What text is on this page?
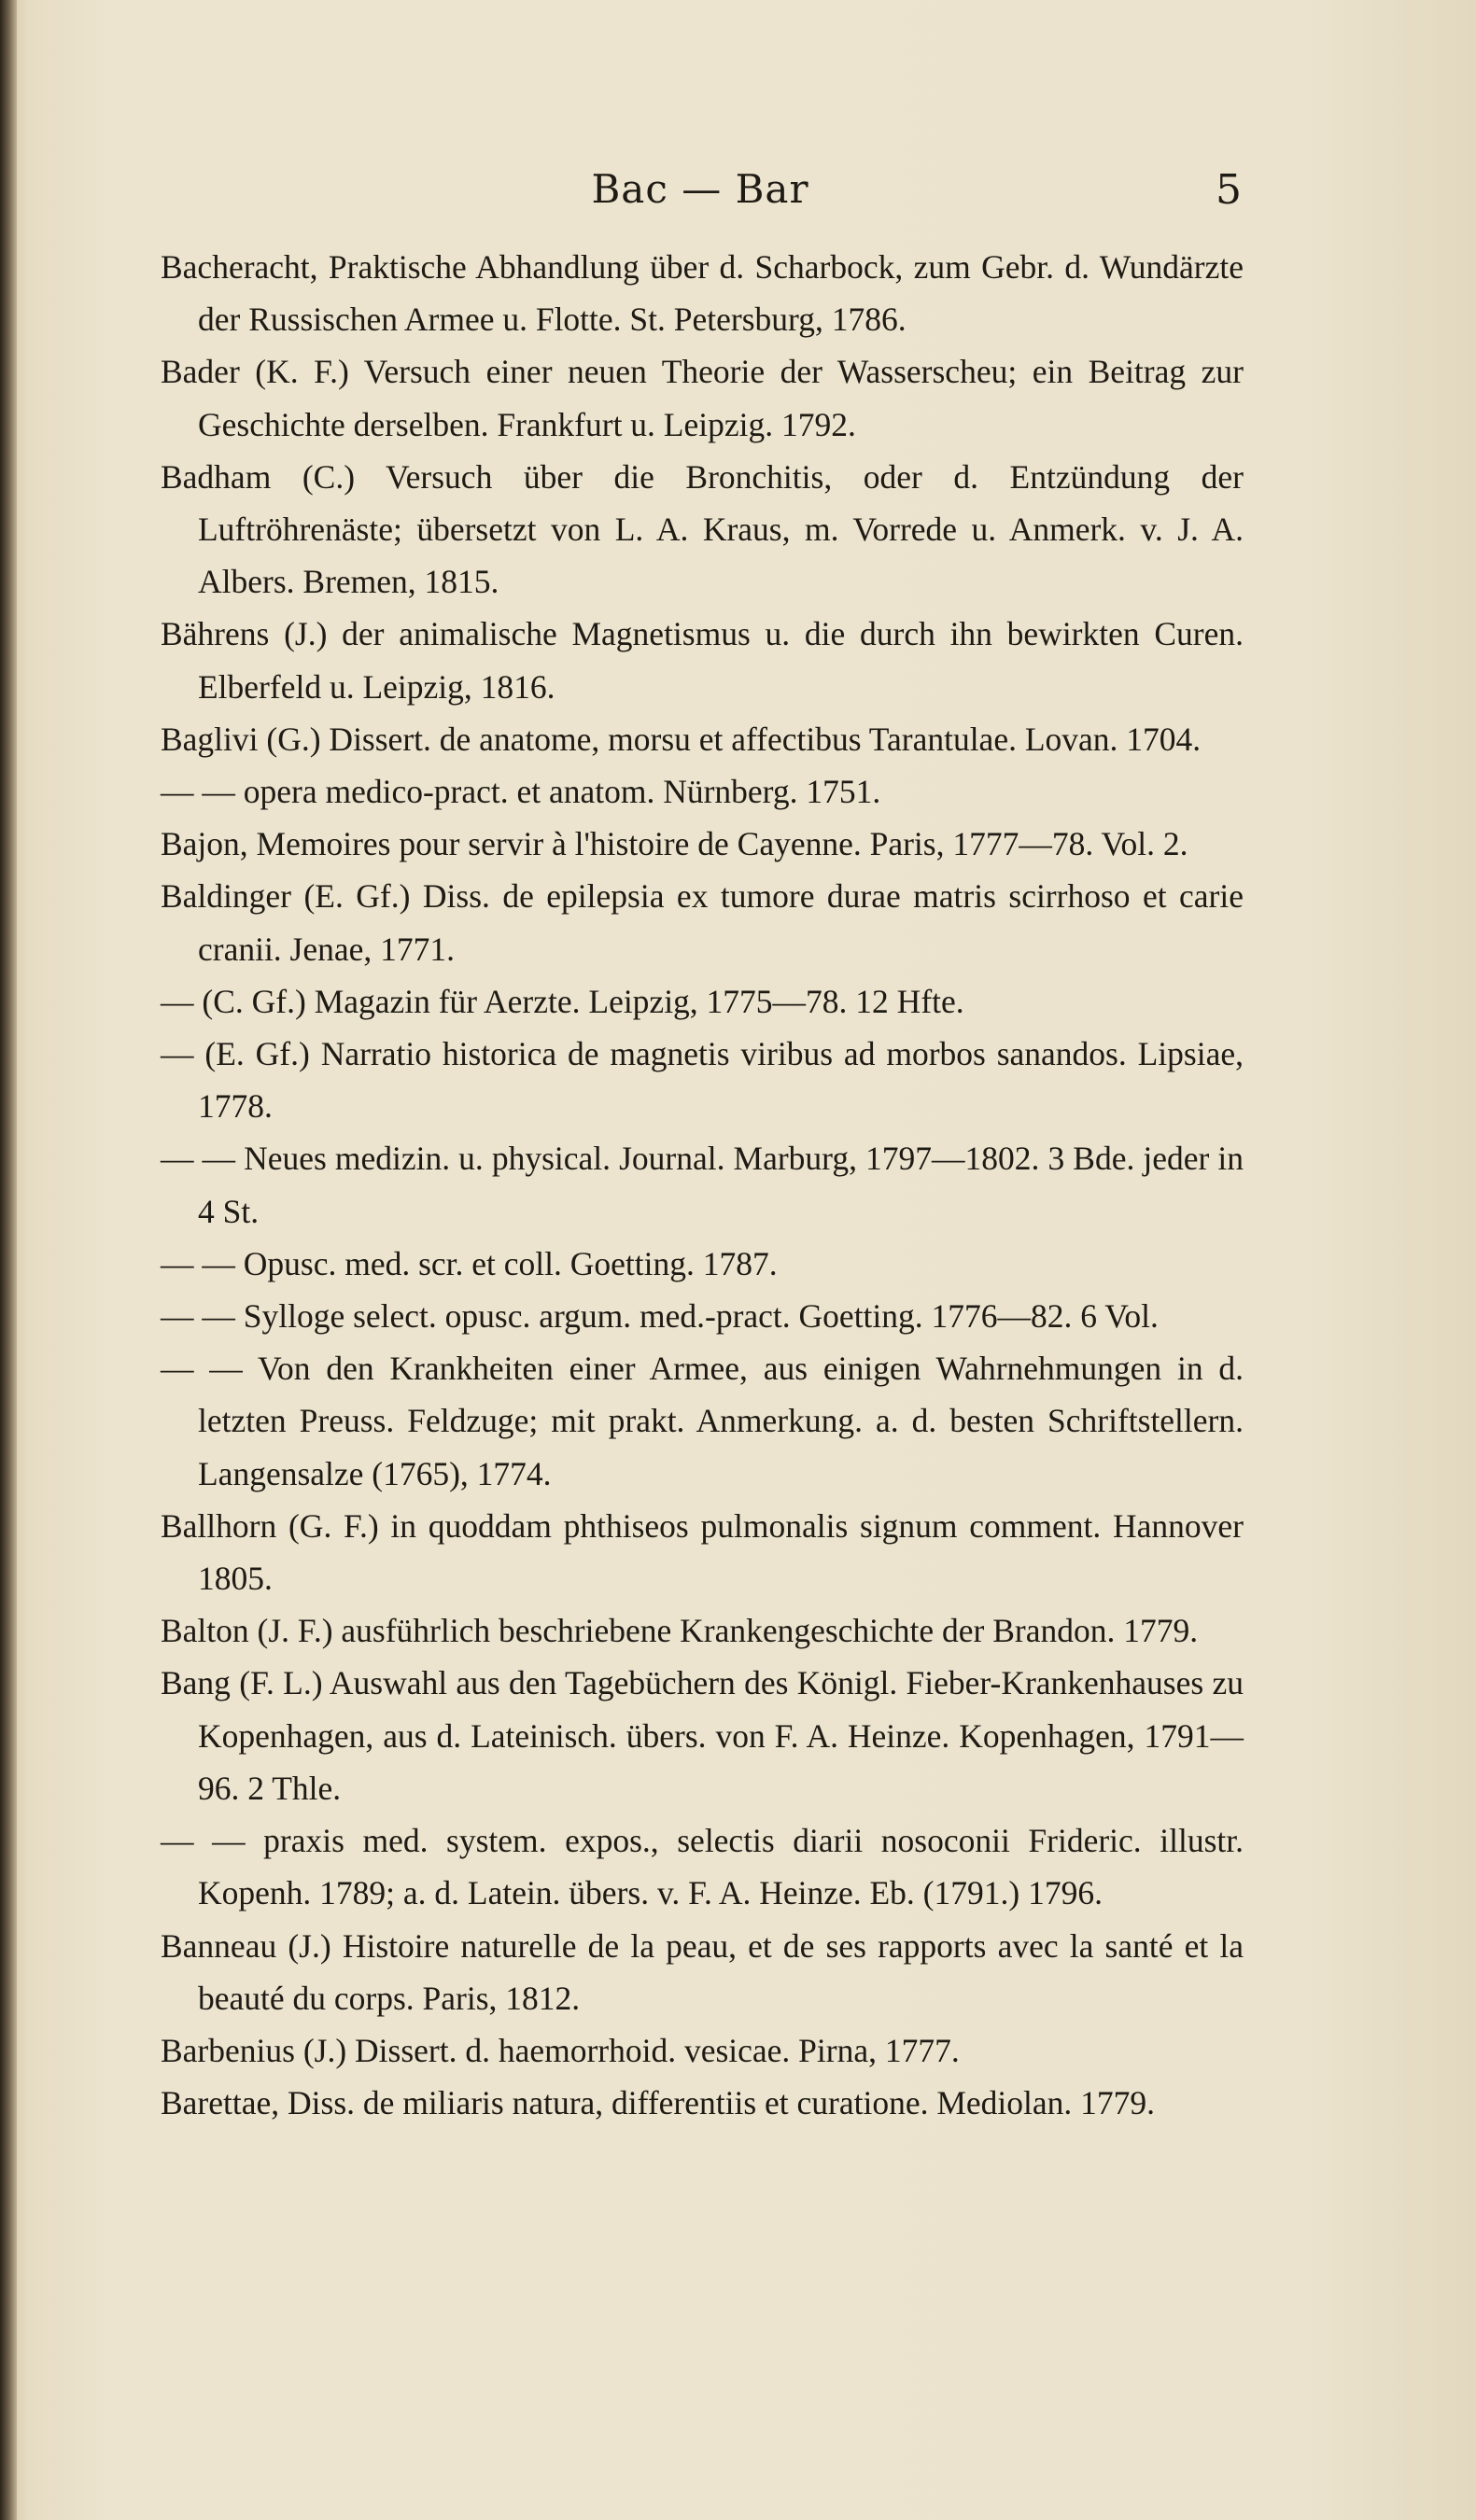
Bac — Bar	5

Bacheracht, Praktische Abhandlung über d. Scharbock, zum Gebr. d. Wundärzte der Russischen Armee u. Flotte. St. Petersburg, 1786.

Bader (K. F.) Versuch einer neuen Theorie der Wasserscheu; ein Beitrag zur Geschichte derselben. Frankfurt u. Leipzig. 1792.

Badham (C.) Versuch über die Bronchitis, oder d. Entzündung der Luftröhrenäste; übersetzt von L. A. Kraus, m. Vorrede u. Anmerk. v. J. A. Albers. Bremen, 1815.

Bährens (J.) der animalische Magnetismus u. die durch ihn bewirkten Curen. Elberfeld u. Leipzig, 1816.

Baglivi (G.) Dissert. de anatome, morsu et affectibus Tarantulae. Lovan. 1704.

— — opera medico-pract. et anatom. Nürnberg. 1751.

Bajon, Memoires pour servir à l'histoire de Cayenne. Paris, 1777—78. Vol. 2.

Baldinger (E. Gf.) Diss. de epilepsia ex tumore durae matris scirrhoso et carie cranii. Jenae, 1771.

— (C. Gf.) Magazin für Aerzte. Leipzig, 1775—78. 12 Hfte.

— (E. Gf.) Narratio historica de magnetis viribus ad morbos sanandos. Lipsiae, 1778.

— — Neues medizin. u. physical. Journal. Marburg, 1797—1802. 3 Bde. jeder in 4 St.

— — Opusc. med. scr. et coll. Goetting. 1787.

— — Sylloge select. opusc. argum. med.-pract. Goetting. 1776—82. 6 Vol.

— — Von den Krankheiten einer Armee, aus einigen Wahrnehmungen in d. letzten Preuss. Feldzuge; mit prakt. Anmerkung. a. d. besten Schriftstellern. Langensalze (1765), 1774.

Ballhorn (G. F.) in quoddam phthiseos pulmonalis signum comment. Hannover 1805.

Balton (J. F.) ausführlich beschriebene Krankengeschichte der Brandon. 1779.

Bang (F. L.) Auswahl aus den Tagebüchern des Königl. Fieber-Krankenhauses zu Kopenhagen, aus d. Lateinisch. übers. von F. A. Heinze. Kopenhagen, 1791—96. 2 Thle.

— — praxis med. system. expos., selectis diarii nosoconii Frideric. illustr. Kopenh. 1789; a. d. Latein. übers. v. F. A. Heinze. Eb. (1791.) 1796.

Banneau (J.) Histoire naturelle de la peau, et de ses rapports avec la santé et la beauté du corps. Paris, 1812.

Barbenius (J.) Dissert. d. haemorrhoid. vesicae. Pirna, 1777.

Barettae, Diss. de miliaris natura, differentiis et curatione. Mediolan. 1779.
